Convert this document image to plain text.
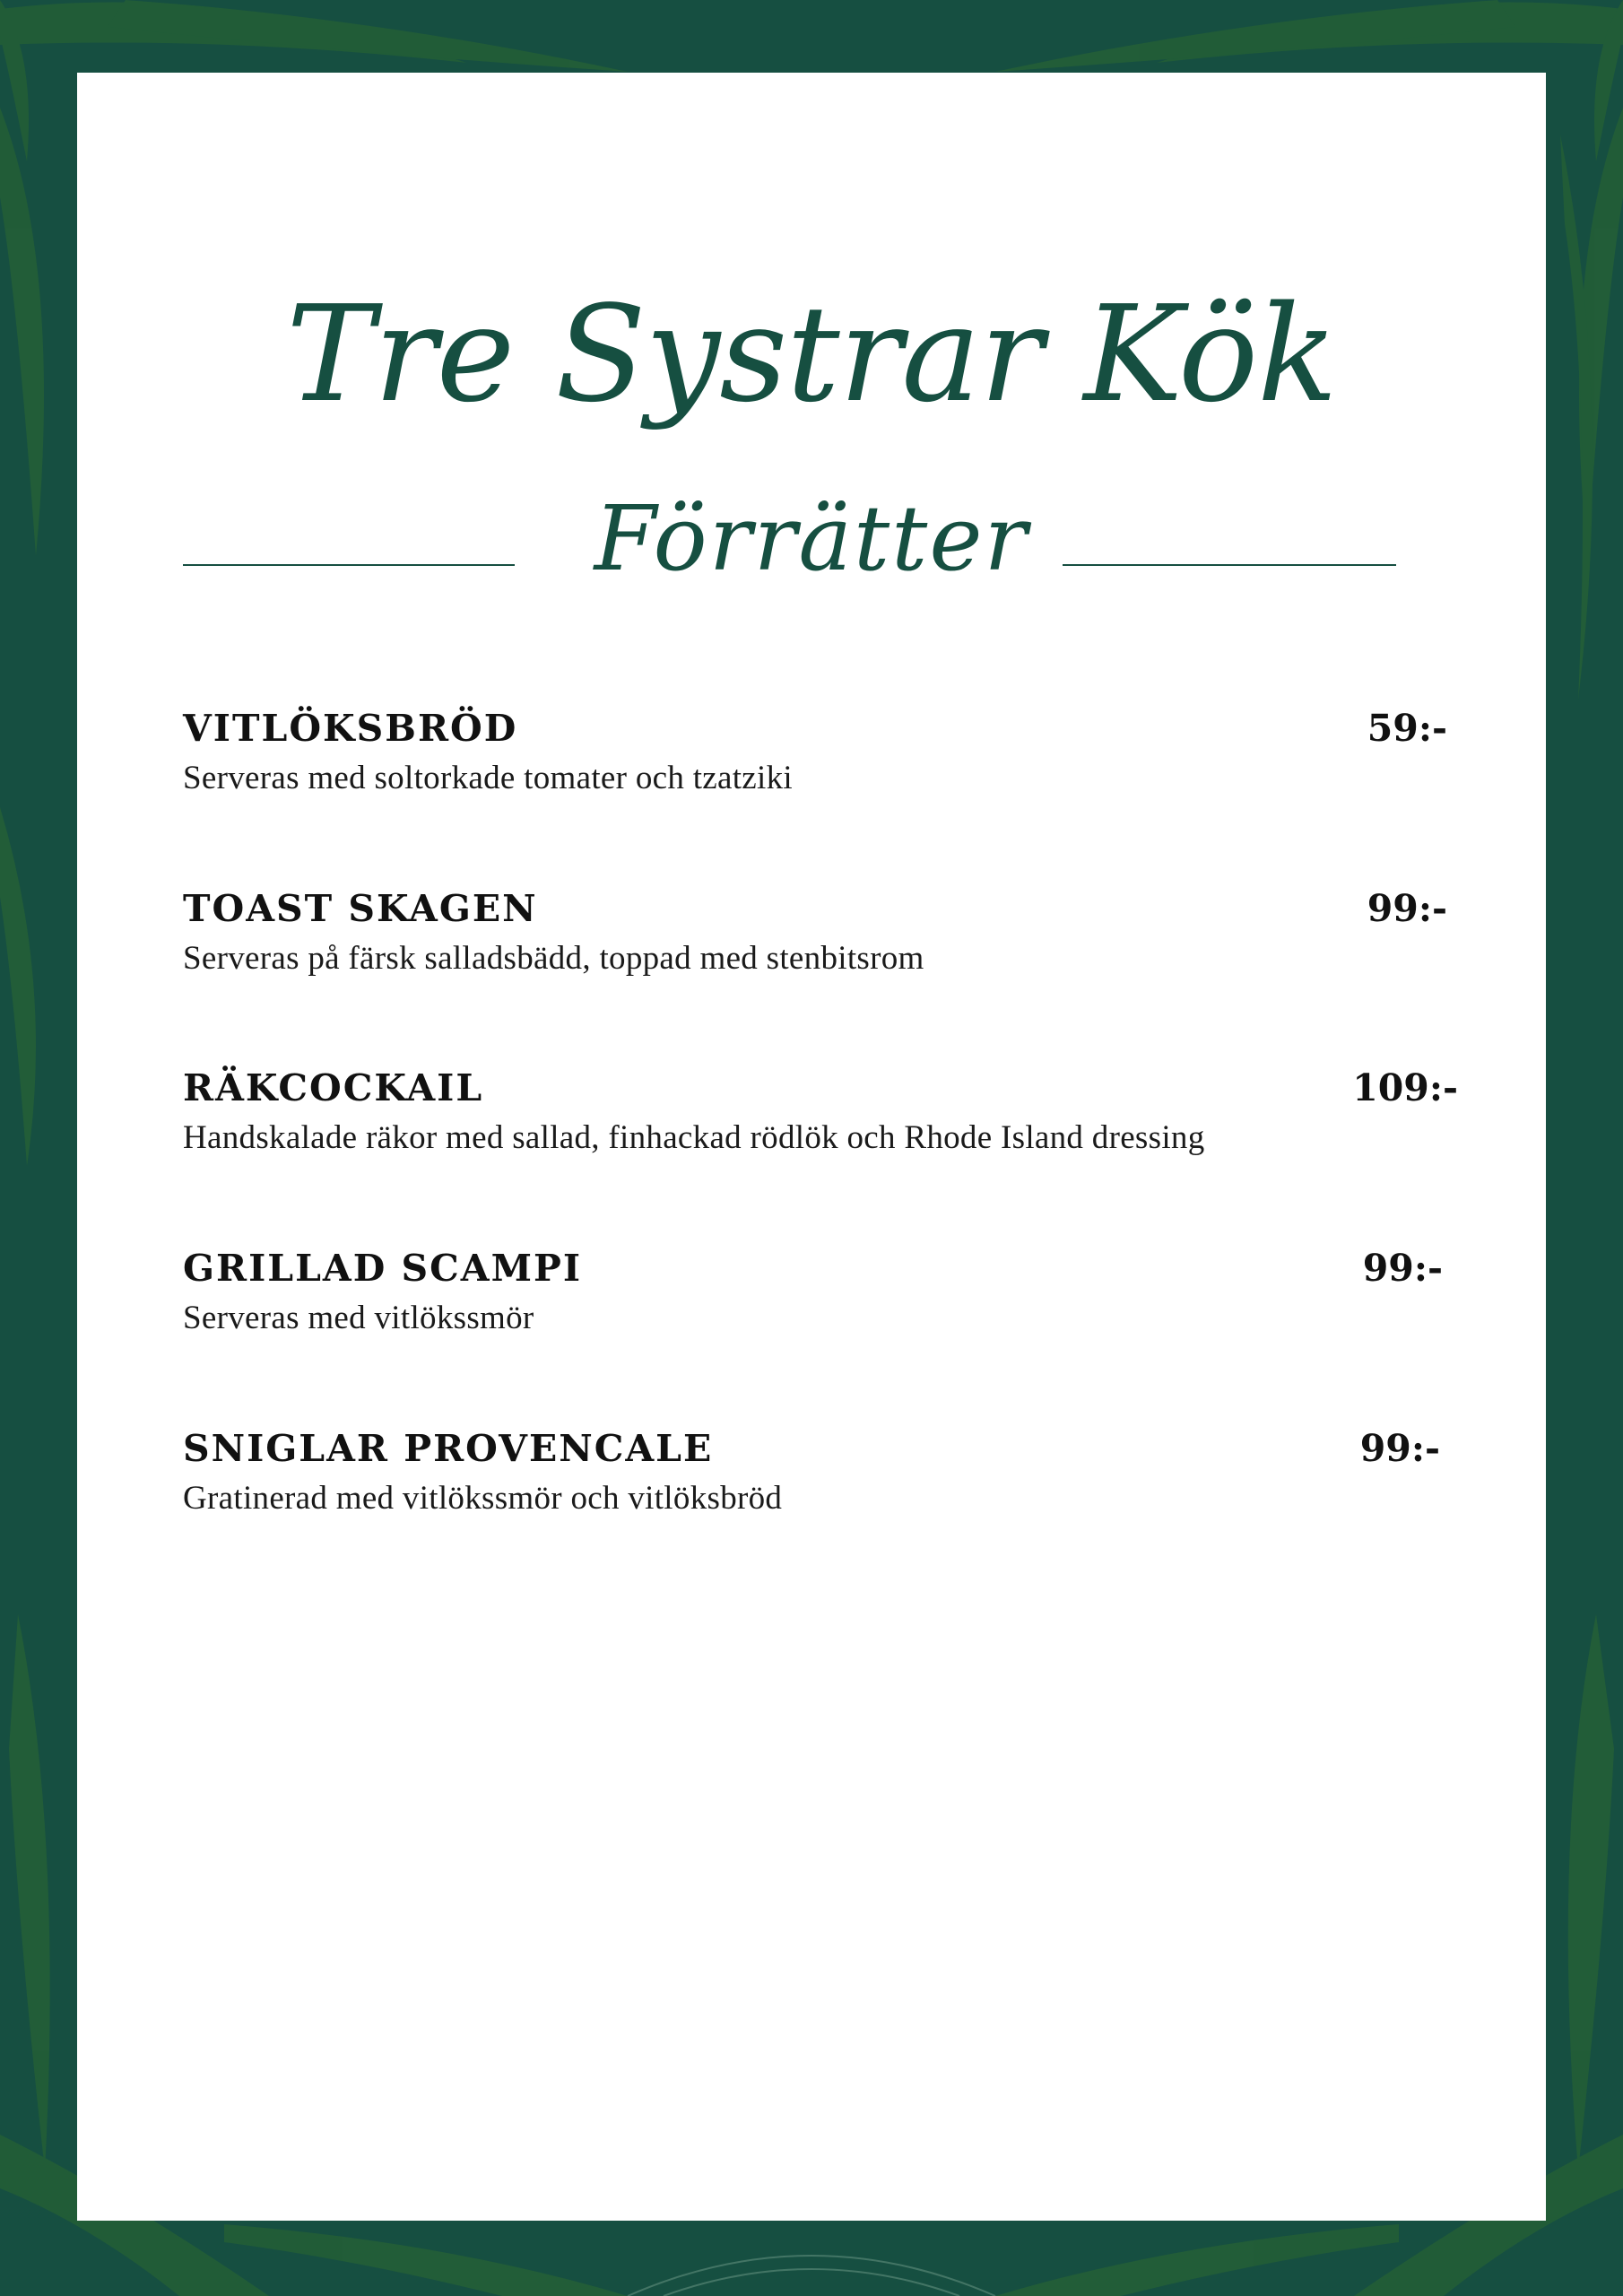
Tre Systrar Kök
Förrätter
VITLÖKSBRÖD	59:-
Serveras med soltorkade tomater och tzatziki
TOAST SKAGEN	99:-
Serveras på färsk salladsbädd, toppad med stenbitsrom
RÄKCOCKAIL	109:-
Handskalade räkor med sallad, finhackad rödlök och Rhode Island dressing
GRILLAD SCAMPI	99:-
Serveras med vitlökssmör
SNIGLAR PROVENCALE	99:-
Gratinerad med vitlökssmör och vitlöksbröd
